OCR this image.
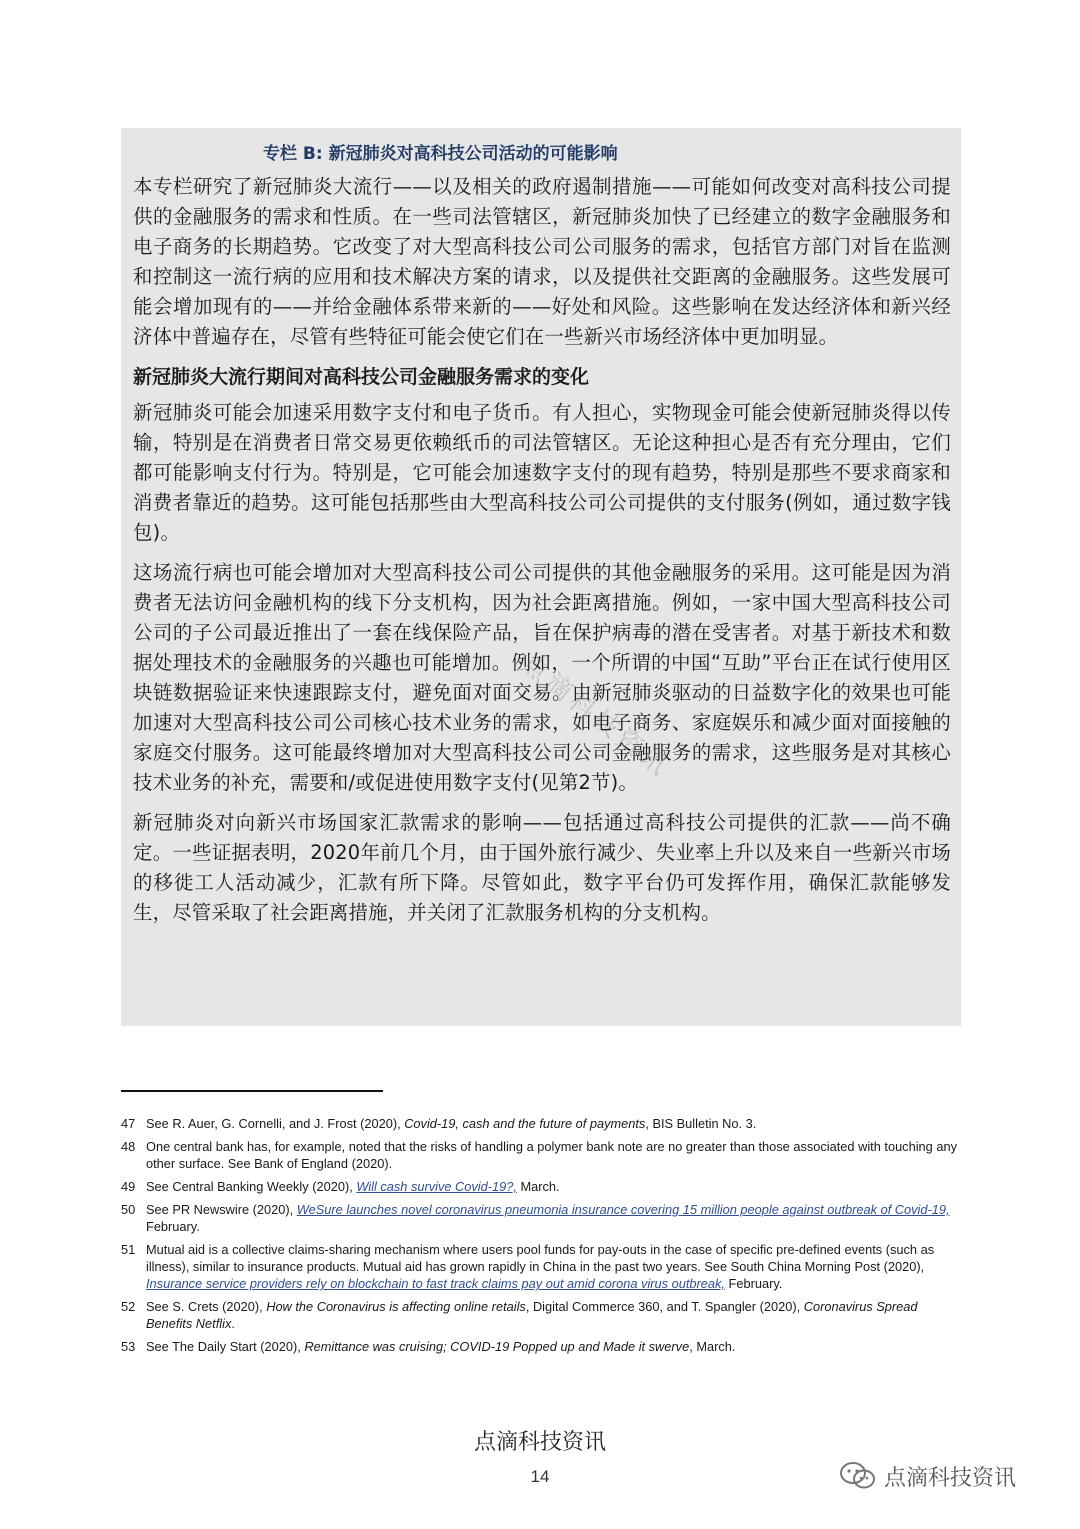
专栏 B: 新冠肺炎对高科技公司活动的可能影响

本专栏研究了新冠肺炎大流行——以及相关的政府遏制措施——可能如何改变对高科技公司提供的金融服务的需求和性质。在一些司法管辖区，新冠肺炎加快了已经建立的数字金融服务和电子商务的长期趋势。它改变了对大型高科技公司公司服务的需求，包括官方部门对旨在监测和控制这一流行病的应用和技术解决方案的请求，以及提供社交距离的金融服务。这些发展可能会增加现有的——并给金融体系带来新的——好处和风险。这些影响在发达经济体和新兴经济体中普遍存在，尽管有些特征可能会使它们在一些新兴市场经济体中更加明显。

新冠肺炎大流行期间对高科技公司金融服务需求的变化

新冠肺炎可能会加速采用数字支付和电子货币。有人担心，实物现金可能会使新冠肺炎得以传输，特别是在消费者日常交易更依赖纸币的司法管辖区。无论这种担心是否有充分理由，它们都可能影响支付行为。特别是，它可能会加速数字支付的现有趋势，特别是那些不要求商家和消费者靠近的趋势。这可能包括那些由大型高科技公司公司提供的支付服务(例如，通过数字钱包)。

这场流行病也可能会增加对大型高科技公司公司提供的其他金融服务的采用。这可能是因为消费者无法访问金融机构的线下分支机构，因为社会距离措施。例如，一家中国大型高科技公司公司的子公司最近推出了一套在线保险产品，旨在保护病毒的潜在受害者。对基于新技术和数据处理技术的金融服务的兴趣也可能增加。例如，一个所谓的中国“互助”平台正在试行使用区块链数据验证来快速跟踪支付，避免面对面交易。由新冠肺炎驱动的日益数字化的效果也可能加速对大型高科技公司公司核心技术业务的需求，如电子商务、家庭娱乐和减少面对面接触的家庭交付服务。这可能最终增加对大型高科技公司公司金融服务的需求，这些服务是对其核心技术业务的补充，需要和/或促进使用数字支付(见第2节)。

新冠肺炎对向新兴市场国家汇款需求的影响——包括通过高科技公司提供的汇款——尚不确定。一些证据表明，2020年前几个月，由于国外旅行减少、失业率上升以及来自一些新兴市场的移徙工人活动减少，汇款有所下降。尽管如此，数字平台仍可发挥作用，确保汇款能够发生，尽管采取了社会距离措施，并关闭了汇款服务机构的分支机构。

点滴科技资讯
47 See R. Auer, G. Cornelli, and J. Frost (2020), Covid-19, cash and the future of payments, BIS Bulletin No. 3.
48 One central bank has, for example, noted that the risks of handling a polymer bank note are no greater than those associated with touching any other surface. See Bank of England (2020).
49 See Central Banking Weekly (2020), Will cash survive Covid-19?, March.
50 See PR Newswire (2020), WeSure launches novel coronavirus pneumonia insurance covering 15 million people against outbreak of Covid-19, February.
51 Mutual aid is a collective claims-sharing mechanism where users pool funds for pay-outs in the case of specific pre-defined events (such as illness), similar to insurance products. Mutual aid has grown rapidly in China in the past two years. See South China Morning Post (2020), Insurance service providers rely on blockchain to fast track claims pay out amid corona virus outbreak, February.
52 See S. Crets (2020), How the Coronavirus is affecting online retails, Digital Commerce 360, and T. Spangler (2020), Coronavirus Spread Benefits Netflix.
53 See The Daily Start (2020), Remittance was cruising; COVID-19 Popped up and Made it swerve, March.
点滴科技资讯
14	点滴科技资讯
